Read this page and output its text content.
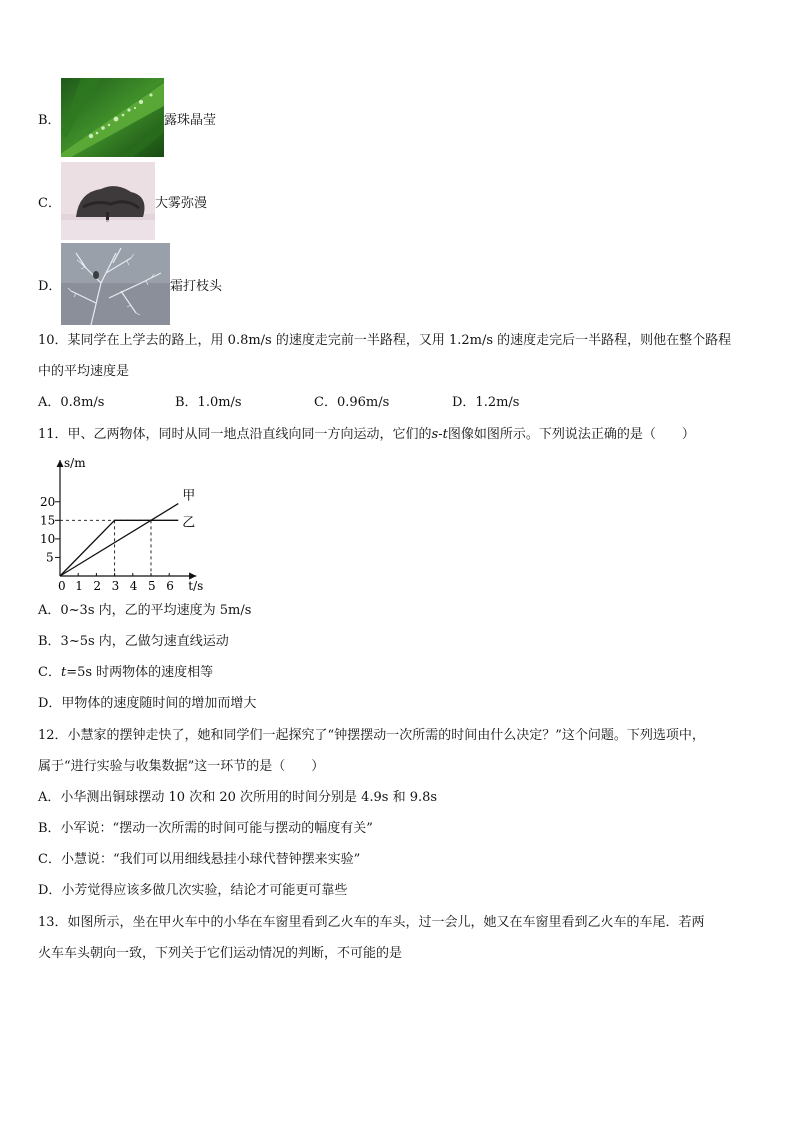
B．	露珠晶莹
C．	大雾弥漫
D．	霜打枝头
10．某同学在上学去的路上，用 0.8m/s 的速度走完前一半路程，又用 1.2m/s 的速度走完后一半路程，则他在整个路程
中的平均速度是
A．0.8m/s	B．1.0m/s	C．0.96m/s	D．1.2m/s
11．甲、乙两物体，同时从同一地点沿直线向同一方向运动，它们的s-t图像如图所示。下列说法正确的是（　　）
s/m
t/s
0 1 2 3 4 5 6
5
10
15
20	甲
乙
A．0~3s 内，乙的平均速度为 5m/s
B．3~5s 内，乙做匀速直线运动
C．t=5s 时两物体的速度相等
D．甲物体的速度随时间的增加而增大
12．小慧家的摆钟走快了，她和同学们一起探究了“钟摆摆动一次所需的时间由什么决定？”这个问题。下列选项中，
属于“进行实验与收集数据”这一环节的是（　　）
A．小华测出铜球摆动 10 次和 20 次所用的时间分别是 4.9s 和 9.8s
B．小军说：“摆动一次所需的时间可能与摆动的幅度有关”
C．小慧说：“我们可以用细线悬挂小球代替钟摆来实验”
D．小芳觉得应该多做几次实验，结论才可能更可靠些
13．如图所示，坐在甲火车中的小华在车窗里看到乙火车的车头，过一会儿，她又在车窗里看到乙火车的车尾．若两
火车车头朝向一致，下列关于它们运动情况的判断，不可能的是
